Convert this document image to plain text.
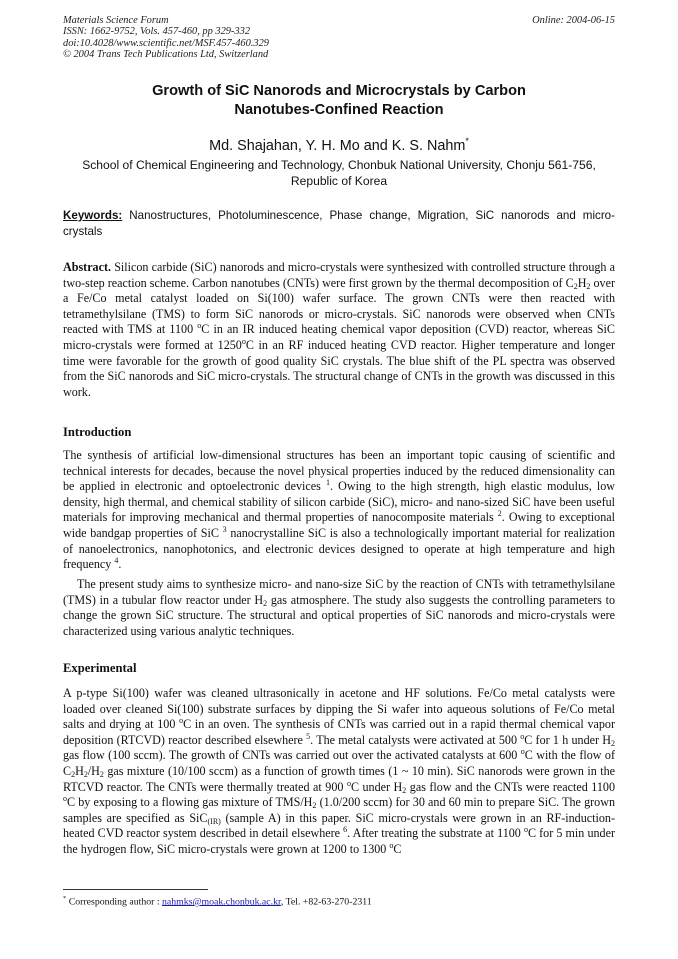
Materials Science Forum
ISSN: 1662-9752, Vols. 457-460, pp 329-332
doi:10.4028/www.scientific.net/MSF.457-460.329
© 2004 Trans Tech Publications Ltd, Switzerland
Online: 2004-06-15
Growth of SiC Nanorods and Microcrystals by Carbon
Nanotubes-Confined Reaction
Md. Shajahan, Y. H. Mo and K. S. Nahm*
School of Chemical Engineering and Technology, Chonbuk National University, Chonju 561-756,
Republic of Korea
Keywords: Nanostructures, Photoluminescence, Phase change, Migration, SiC nanorods and micro-crystals
Abstract. Silicon carbide (SiC) nanorods and micro-crystals were synthesized with controlled structure through a two-step reaction scheme. Carbon nanotubes (CNTs) were first grown by the thermal decomposition of $C_2H_2$ over a Fe/Co metal catalyst loaded on Si(100) wafer surface. The grown CNTs were then reacted with tetramethylsilane (TMS) to form SiC nanorods or micro-crystals. SiC nanorods were observed when CNTs reacted with TMS at 1100 $^o$C in an IR induced heating chemical vapor deposition (CVD) reactor, whereas SiC micro-crystals were formed at 1250$^o$C in an RF induced heating CVD reactor. Higher temperature and longer time were favorable for the growth of good quality SiC crystals. The blue shift of the PL spectra was observed from the SiC nanorods and SiC micro-crystals. The structural change of CNTs in the growth was discussed in this work.
Introduction
The synthesis of artificial low-dimensional structures has been an important topic causing of scientific and technical interests for decades, because the novel physical properties induced by the reduced dimensionality can be applied in electronic and optoelectronic devices $^1$. Owing to the high strength, high elastic modulus, low density, high thermal, and chemical stability of silicon carbide (SiC), micro- and nano-sized SiC have been useful materials for improving mechanical and thermal properties of nanocomposite materials $^2$. Owing to exceptional wide bandgap properties of SiC $^3$ nanocrystalline SiC is also a technologically important material for realization of nanoelectronics, nanophotonics, and electronic devices designed to operate at high temperature and high frequency $^4$.
The present study aims to synthesize micro- and nano-size SiC by the reaction of CNTs with tetramethylsilane (TMS) in a tubular flow reactor under $H_2$ gas atmosphere. The study also suggests the controlling parameters to change the grown SiC structure. The structural and optical properties of SiC nanorods and micro-crystals were characterized using various analytic techniques.
Experimental
A p-type Si(100) wafer was cleaned ultrasonically in acetone and HF solutions. Fe/Co metal catalysts were loaded over cleaned Si(100) substrate surfaces by dipping the Si wafer into aqueous solutions of Fe/Co metal salts and drying at 100 $^o$C in an oven. The synthesis of CNTs was carried out in a rapid thermal chemical vapor deposition (RTCVD) reactor described elsewhere $^5$. The metal catalysts were activated at 500 $^o$C for 1 h under $H_2$ gas flow (100 sccm). The growth of CNTs was carried out over the activated catalysts at 600 $^o$C with the flow of $C_2H_2/H_2$ gas mixture (10/100 sccm) as a function of growth times (1 ~ 10 min). SiC nanorods were grown in the RTCVD reactor. The CNTs were thermally treated at 900 $^o$C under $H_2$ gas flow and the CNTs were reacted 1100 $^o$C by exposing to a flowing gas mixture of TMS/$H_2$ (1.0/200 sccm) for 30 and 60 min to prepare SiC. The grown samples are specified as SiC$_{(IR)}$ (sample A) in this paper. SiC micro-crystals were grown in an RF-induction-heated CVD reactor system described in detail elsewhere $^6$. After treating the substrate at 1100 $^o$C for 5 min under the hydrogen flow, SiC micro-crystals were grown at 1200 to 1300 $^o$C
* Corresponding author : nahmks@moak.chonbuk.ac.kr, Tel. +82-63-270-2311
